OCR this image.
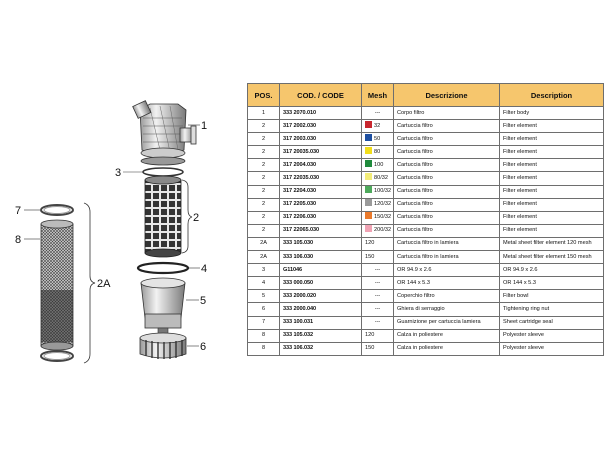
7
8
2A
1
3
2
4
5
6
POS.	COD. / CODE	Mesh	Descrizione	Description
1	333 2070.010	---	Corpo filtro	Filter body
2	317 2002.030	32	Cartuccia filtro	Filter element
2	317 2003.030	50	Cartuccia filtro	Filter element
2	317 20035.030	80	Cartuccia filtro	Filter element
2	317 2004.030	100	Cartuccia filtro	Filter element
2	317 22035.030	80/32	Cartuccia filtro	Filter element
2	317 2204.030	100/32	Cartuccia filtro	Filter element
2	317 2205.030	120/32	Cartuccia filtro	Filter element
2	317 2206.030	150/32	Cartuccia filtro	Filter element
2	317 22065.030	200/32	Cartuccia filtro	Filter element
2A	333 105.030	120	Cartuccia filtro in lamiera	Metal sheet filter element 120 mesh
2A	333 106.030	150	Cartuccia filtro in lamiera	Metal sheet filter element 150 mesh
3	G11046	---	OR 94.9 x 2.6	OR 94.9 x 2.6
4	333 000.050	---	OR 144 x 5.3	OR 144 x 5.3
5	333 2000.020	---	Coperchio filtro	Filter bowl
6	333 2000.040	---	Ghiera di serraggio	Tightening ring nut
7	333 100.031	---	Guarnizione per cartuccia lamiera	Sheet cartridge seal
8	333 105.032	120	Calza in poliestere	Polyester sleeve
8	333 106.032	150	Calza in poliestere	Polyester sleeve
